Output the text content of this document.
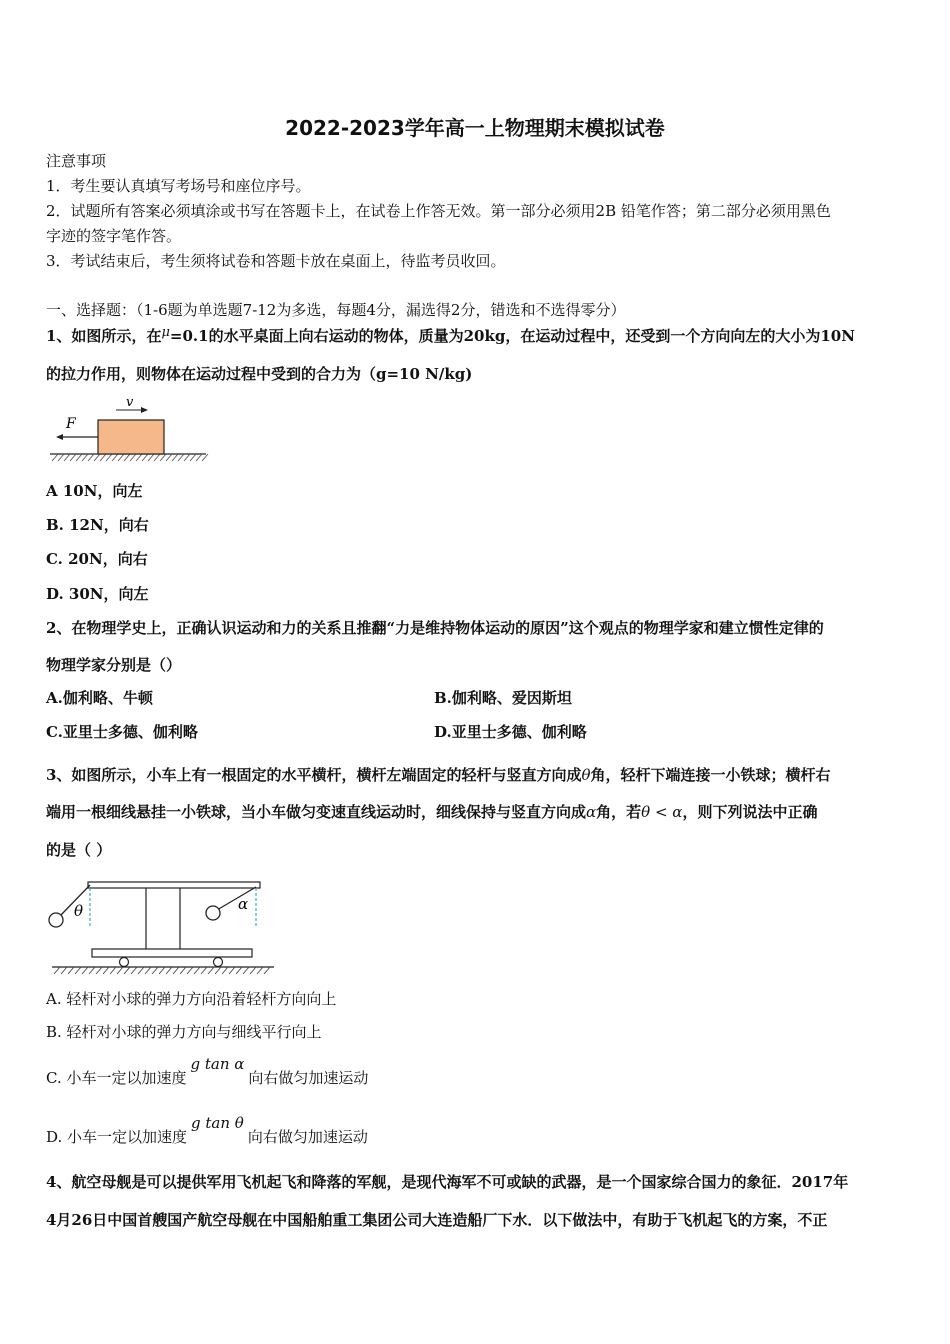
2022-2023学年高一上物理期末模拟试卷
注意事项
1．考生要认真填写考场号和座位序号。
2．试题所有答案必须填涂或书写在答题卡上，在试卷上作答无效。第一部分必须用2B 铅笔作答；第二部分必须用黑色
字迹的签字笔作答。
3．考试结束后，考生须将试卷和答题卡放在桌面上，待监考员收回。
一、选择题：（1-6题为单选题7-12为多选，每题4分，漏选得2分，错选和不选得零分）
1、如图所示，在μ=0.1的水平桌面上向右运动的物体，质量为20kg，在运动过程中，还受到一个方向向左的大小为10N
的拉力作用，则物体在运动过程中受到的合力为（g=10 N/kg)
F
v
A 10N，向左
B. 12N，向右
C. 20N，向右
D. 30N，向左
2、在物理学史上，正确认识运动和力的关系且推翻“力是维持物体运动的原因”这个观点的物理学家和建立惯性定律的
物理学家分别是（）
A.伽利略、牛顿	B.伽利略、爱因斯坦
C.亚里士多德、伽利略	D.亚里士多德、伽利略
3、如图所示，小车上有一根固定的水平横杆，横杆左端固定的轻杆与竖直方向成θ角，轻杆下端连接一小铁球；横杆右
端用一根细线悬挂一小铁球，当小车做匀变速直线运动时，细线保持与竖直方向成α角，若θ < α，则下列说法中正确
的是（ ）
θ	α
A. 轻杆对小球的弹力方向沿着轻杆方向向上
B. 轻杆对小球的弹力方向与细线平行向上
C. 小车一定以加速度g tan α向右做匀加速运动
D. 小车一定以加速度g tan θ向右做匀加速运动
4、航空母舰是可以提供军用飞机起飞和降落的军舰，是现代海军不可或缺的武器，是一个国家综合国力的象征．2017年
4月26日中国首艘国产航空母舰在中国船舶重工集团公司大连造船厂下水．以下做法中，有助于飞机起飞的方案，不正
